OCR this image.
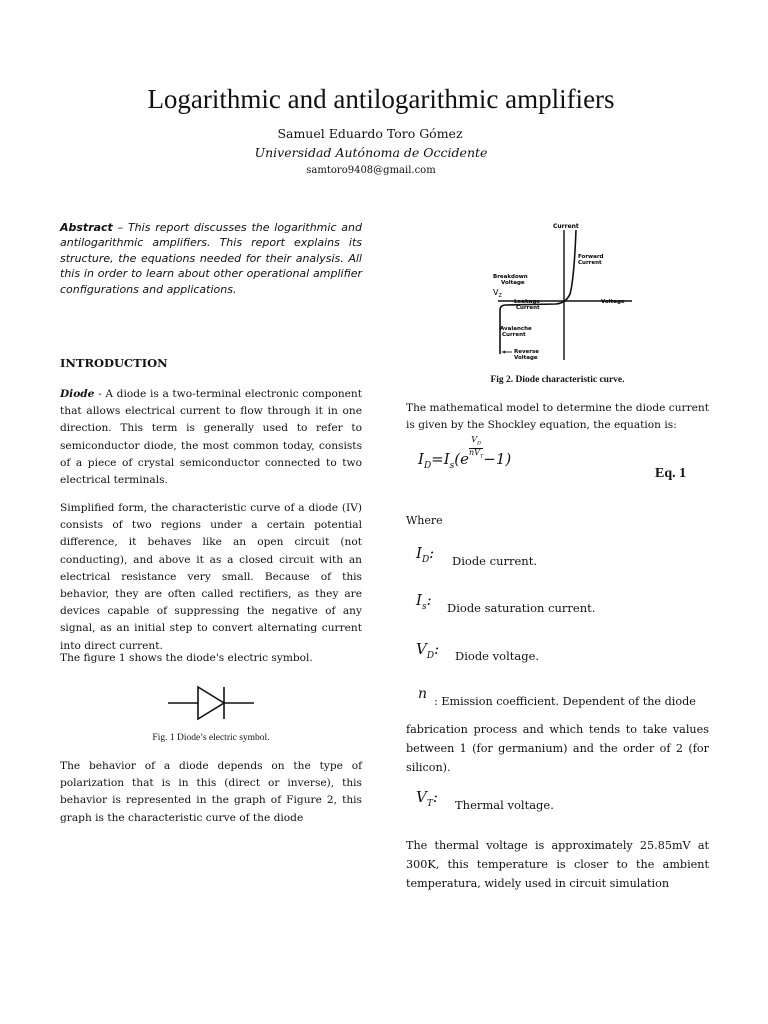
Logarithmic and antilogarithmic amplifiers
Samuel Eduardo Toro Gómez
Universidad Autónoma de Occidente
samtoro9408@gmail.com
Abstract – This report discusses the logarithmic and antilogarithmic amplifiers. This report explains its structure, the equations needed for their analysis. All this in order to learn about other operational amplifier configurations and applications.
INTRODUCTION

Diode - A diode is a two-terminal electronic component that allows electrical current to flow through it in one direction. This term is generally used to refer to semiconductor diode, the most common today, consists of a piece of crystal semiconductor connected to two electrical terminals.

Simplified form, the characteristic curve of a diode (IV) consists of two regions under a certain potential difference, it behaves like an open circuit (not conducting), and above it as a closed circuit with an electrical resistance very small. Because of this behavior, they are often called rectifiers, as they are devices capable of suppressing the negative of any signal, as an initial step to convert alternating current into direct current.

The figure 1 shows the diode's electric symbol.

Fig. 1 Diode’s electric symbol.

The behavior of a diode depends on the type of polarization that is in this (direct or inverse), this behavior is represented in the graph of Figure 2, this graph is the characteristic curve of the diode

Current
Forward
Current
Breakdown
Voltage
$V_Z$
Voltage
Leakage
Current
Avalanche
Current
Reverse
Voltage
Fig 2. Diode characteristic curve.

The mathematical model to determine the diode current is given by the Shockley equation, the equation is:

$I_D=I_s(e$
$V_D$
$nV_T -1$)
Eq. 1
Where
$I_D$: Diode current.
$I_s$: Diode saturation current.
$V_D$: Diode voltage.
n : Emission coefficient. Dependent of the diode

fabrication process and which tends to take values between 1 (for germanium) and the order of 2 (for silicon).

$V_T$: Thermal voltage.

The thermal voltage is approximately 25.85mV at 300K, this temperature is closer to the ambient temperatura, widely used in circuit simulation
